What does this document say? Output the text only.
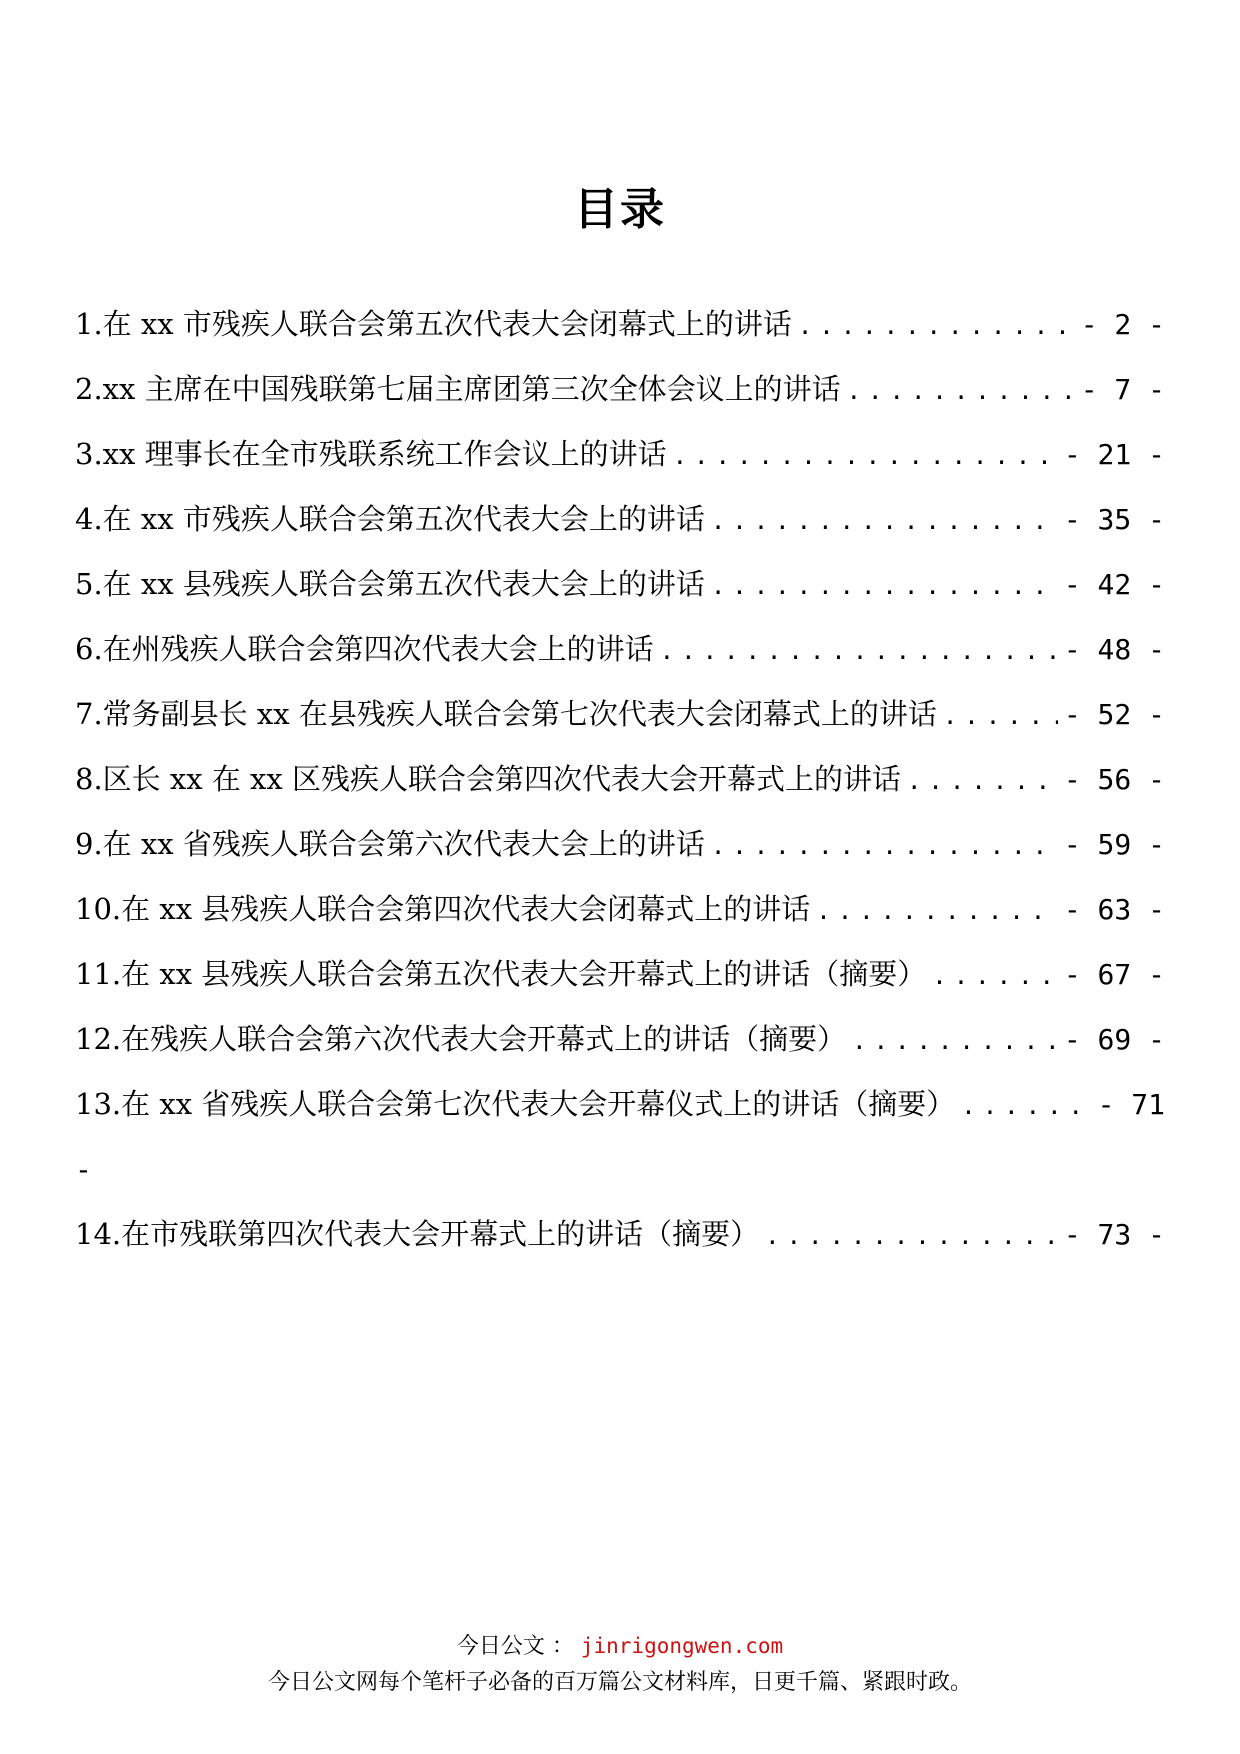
目录
1.在 xx 市残疾人联合会第五次代表大会闭幕式上的讲话 .....	- 2 -
2.xx 主席在中国残联第七届主席团第三次全体会议上的讲话 .....	- 7 -
3.xx 理事长在全市残联系统工作会议上的讲话 .....	- 21 -
4.在 xx 市残疾人联合会第五次代表大会上的讲话 .....	- 35 -
5.在 xx 县残疾人联合会第五次代表大会上的讲话 .....	- 42 -
6.在州残疾人联合会第四次代表大会上的讲话 .....	- 48 -
7.常务副县长 xx 在县残疾人联合会第七次代表大会闭幕式上的讲话 .....	- 52 -
8.区长 xx 在 xx 区残疾人联合会第四次代表大会开幕式上的讲话 .....	- 56 -
9.在 xx 省残疾人联合会第六次代表大会上的讲话 .....	- 59 -
10.在 xx 县残疾人联合会第四次代表大会闭幕式上的讲话 .....	- 63 -
11.在 xx 县残疾人联合会第五次代表大会开幕式上的讲话（摘要） .....	- 67 -
12.在残疾人联合会第六次代表大会开幕式上的讲话（摘要） .....	- 69 -
13.在 xx 省残疾人联合会第七次代表大会开幕仪式上的讲话（摘要） .....	- 71
-
14.在市残联第四次代表大会开幕式上的讲话（摘要） .....	- 73 -
今日公文 ： jinrigongwen.com
今日公文网每个笔杆子必备的百万篇公文材料库，日更千篇、紧跟时政。
